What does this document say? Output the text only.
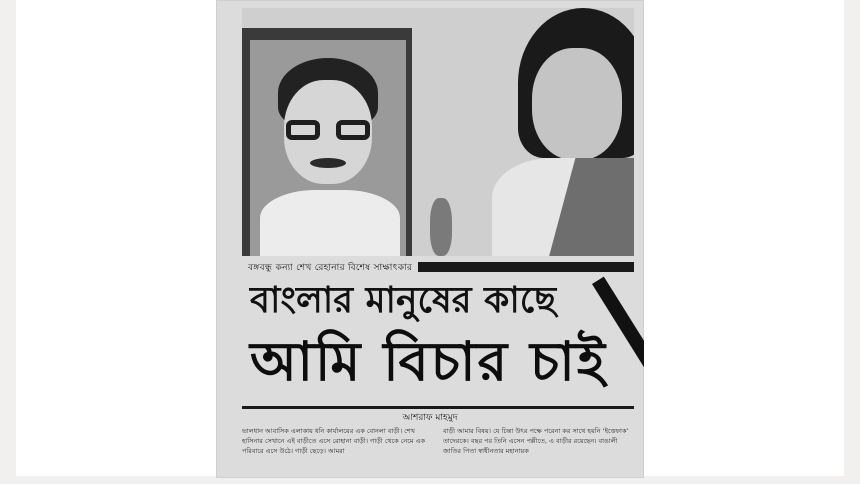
বঙ্গবন্ধু কন্যা শেখ রেহানার বিশেষ সাক্ষাৎকার
বাংলার মানুষের কাছে
আমি বিচার চাই
আশরাফ মাহমুদ
ভালধান আবাসিক এলাকায় ধনি কার্যালয়ের এক বোনলা বাড়ী। শেখ হাসিনার সেখানে এই বাড়ীতে এসে রোহানা বাড়ী। গাড়ী থেকে নেমে এক পরিবারে এসে উঠে। গাড়ী ছেড়ে। আমরা
বাড়ী আমার বিষয়। যে চিন্তা উৎর পক্ষে পরেনা কর সাথে হয়নি ‘ইত্তেফাক’ তাদেরকে। বছর পর তিনি এসেন পল্লীতে, এ বাড়ীর রয়েছেন। বাঙালী জাতির পিতা স্বাধীনতার মহানায়ক
